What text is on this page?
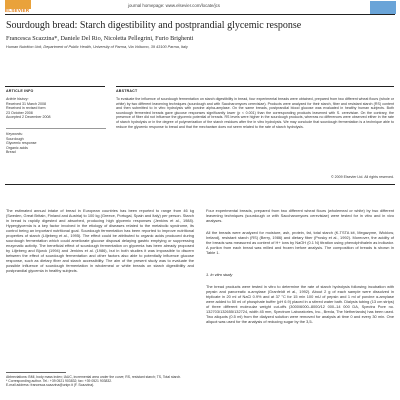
ELSEVIER
journal homepage: www.elsevier.com/locate/jcs
Sourdough bread: Starch digestibility and postprandial glycemic response
Francesca Scazzina*, Daniele Del Rio, Nicoletta Pellegrini, Furio Brighenti
Human Nutrition Unit, Department of Public Health, University of Parma, Via Volturno, 39 43100 Parma, Italy
ARTICLE INFO
Article history:
Received 31 March 2008
Received in revised form
23 October 2008
Accepted 2 December 2008
Keywords:
Sourdough
Glycemic response
Organic acids
Bread
ABSTRACT
To evaluate the influence of sourdough fermentation on starch digestibility in bread, four experimental breads were obtained, prepared from two different wheat flours (whole or white) by two different leavening techniques (sourdough and with Saccharomyces cerevisiae). Products were analyzed for their starch, fiber and resistant starch (RS) content and then submitted to in vitro hydrolysis with porcine alpha-amylase. On the same breads, postprandial blood glucose was evaluated in healthy human subjects. Both sourdough fermented breads gave glucose responses significantly lower (p < 0.001) than the corresponding products leavened with S. cerevisiae. On the contrary, the presence of fiber did not influence the glycemic potential of breads. RS levels were higher in the sourdough products, whereas no differences were observed either in the rate of starch hydrolysis or in the degree of polymerization of the starch residues after the in vitro hydrolysis. We may conclude that sourdough fermentation is a technique able to reduce the glycemic response to bread and that the mechanism does not seem related to the rate of starch hydrolysis.
© 2009 Elsevier Ltd. All rights reserved.
The estimated annual intake of bread in European countries has been reported to range from 46 kg (Sweden, Great Britain, Finland and Austria) to 100 kg (Greece, Portugal, Spain and Italy) per person. Starch in bread is rapidly digested and absorbed, producing high glycemic responses (Jenkins et al., 1988). Hyperglycemia is a key factor involved in the etiology of diseases related to the metabolic syndrome, its control being an important nutritional goal. Sourdough fermentation has been reported to improve nutritional properties of starch (Liljeberg et al., 1995). The effect could be attributed to organic acids produced during sourdough fermentation which could ameliorate glucose disposal delaying gastric emptying or suppressing enzymatic activity. The beneficial effect of sourdough fermentation on glycemia has been already proposed by Liljeberg and Bjorck (1994) and Jenkins et al. (1986), but in both studies it was impossible to discern between the effect of sourdough fermentation and other factors also able to potentially influence glucose response, such as dietary fiber and starch accessibility. The aim of the present study was to evaluate the possible influence of sourdough fermentation in wholemeal or white breads on starch digestibility and postprandial glycemia in healthy subjects.
Abbreviations: BMI, body mass index; IAUC, incremental area under the curve; RS, resistant starch; TS, Total starch.
* Corresponding author. Tel.: +39 0521 903832; fax: +39 0521 903832.
E-mail address: francesca.scazzina@unipr.it (F. Scazzina).
Four experimental breads, prepared from two different wheat flours (wholemeal or white) by two different leavening techniques (sourdough or with Saccharomyces cerevisiae) were tested for in vitro and in vivo analyses.
All the breads were analyzed for moisture, ash, protein, fat, total starch (K-TSTA kit, Megazyme, Wicklow, Ireland), resistant starch (RS) (Berry, 1986) and dietary fiber (Prosky et al., 1992). Moreover, the acidity of the breads was measured as content of H+ ions by NaOH (0.1 N) titration using phenolphthalein as indicator. A portion from each bread was milled and frozen before analysis. The composition of breads is shown in Table 1.
1. In vitro study
The bread products were tested in vitro to determine the rate of starch hydrolysis following incubation with pepsin and pancreatic α-amylase (Granfeldt et al., 1992). About 2 g of each sample were dissolved in triplicate in 20 ml of NaCl 0.9% and at 37 °C for 15 min 100 mU of pepsin and 1 ml of porcine α-amylase were added to 50 ml of phosphate buffer (pH 6.9) placed in a stirred water bath. Dialysis tubing (13 cm strips) of three different molecular weight cut-offs (3000/6000–8000/12 000–14 000 DA, Spectra Pore no. 132703/132655/132724, width 45 mm, Spectrum Laboratories, Inc., Breda, The Netherlands) has been used. Two aliquots (0.5 ml) from the dialyzed solution were removed for analysis at time 0 and every 30 min. One aliquot was used for the analysis of reducing sugar by the 3,5-
